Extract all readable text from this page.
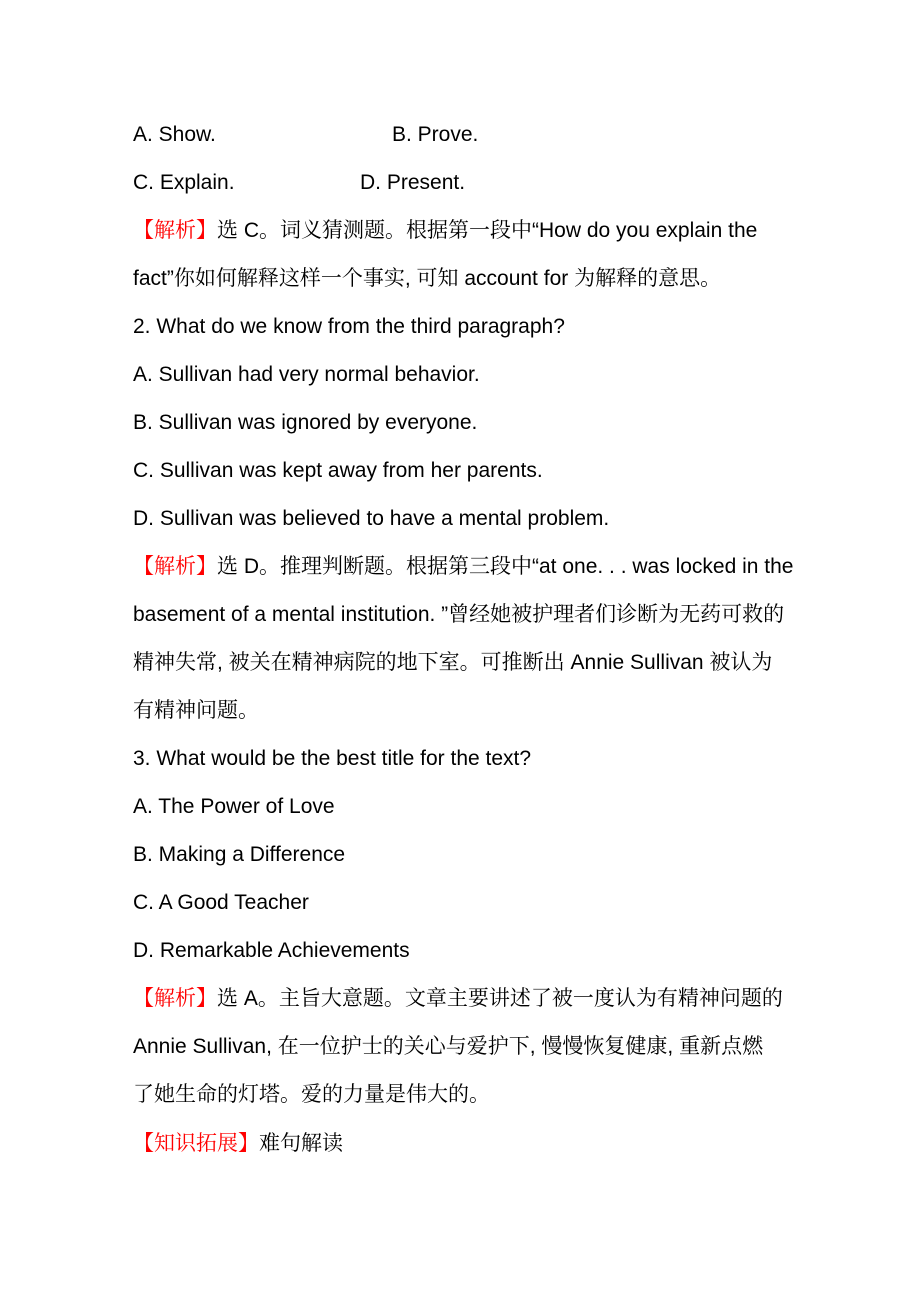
A. Show.	B. Prove.
C. Explain.	D. Present.
【解析】选 C。词义猜测题。根据第一段中“How do you explain the
fact”你如何解释这样一个事实, 可知 account for 为解释的意思。
2. What do we know from the third paragraph?
A. Sullivan had very normal behavior.
B. Sullivan was ignored by everyone.
C. Sullivan was kept away from her parents.
D. Sullivan was believed to have a mental problem.
【解析】选 D。推理判断题。根据第三段中“at one. . . was locked in the
basement of a mental institution. ”曾经她被护理者们诊断为无药可救的
精神失常, 被关在精神病院的地下室。可推断出 Annie Sullivan 被认为
有精神问题。
3. What would be the best title for the text?
A. The Power of Love
B. Making a Difference
C. A Good Teacher
D. Remarkable Achievements
【解析】选 A。主旨大意题。文章主要讲述了被一度认为有精神问题的
Annie Sullivan, 在一位护士的关心与爱护下, 慢慢恢复健康, 重新点燃
了她生命的灯塔。爱的力量是伟大的。
【知识拓展】难句解读
